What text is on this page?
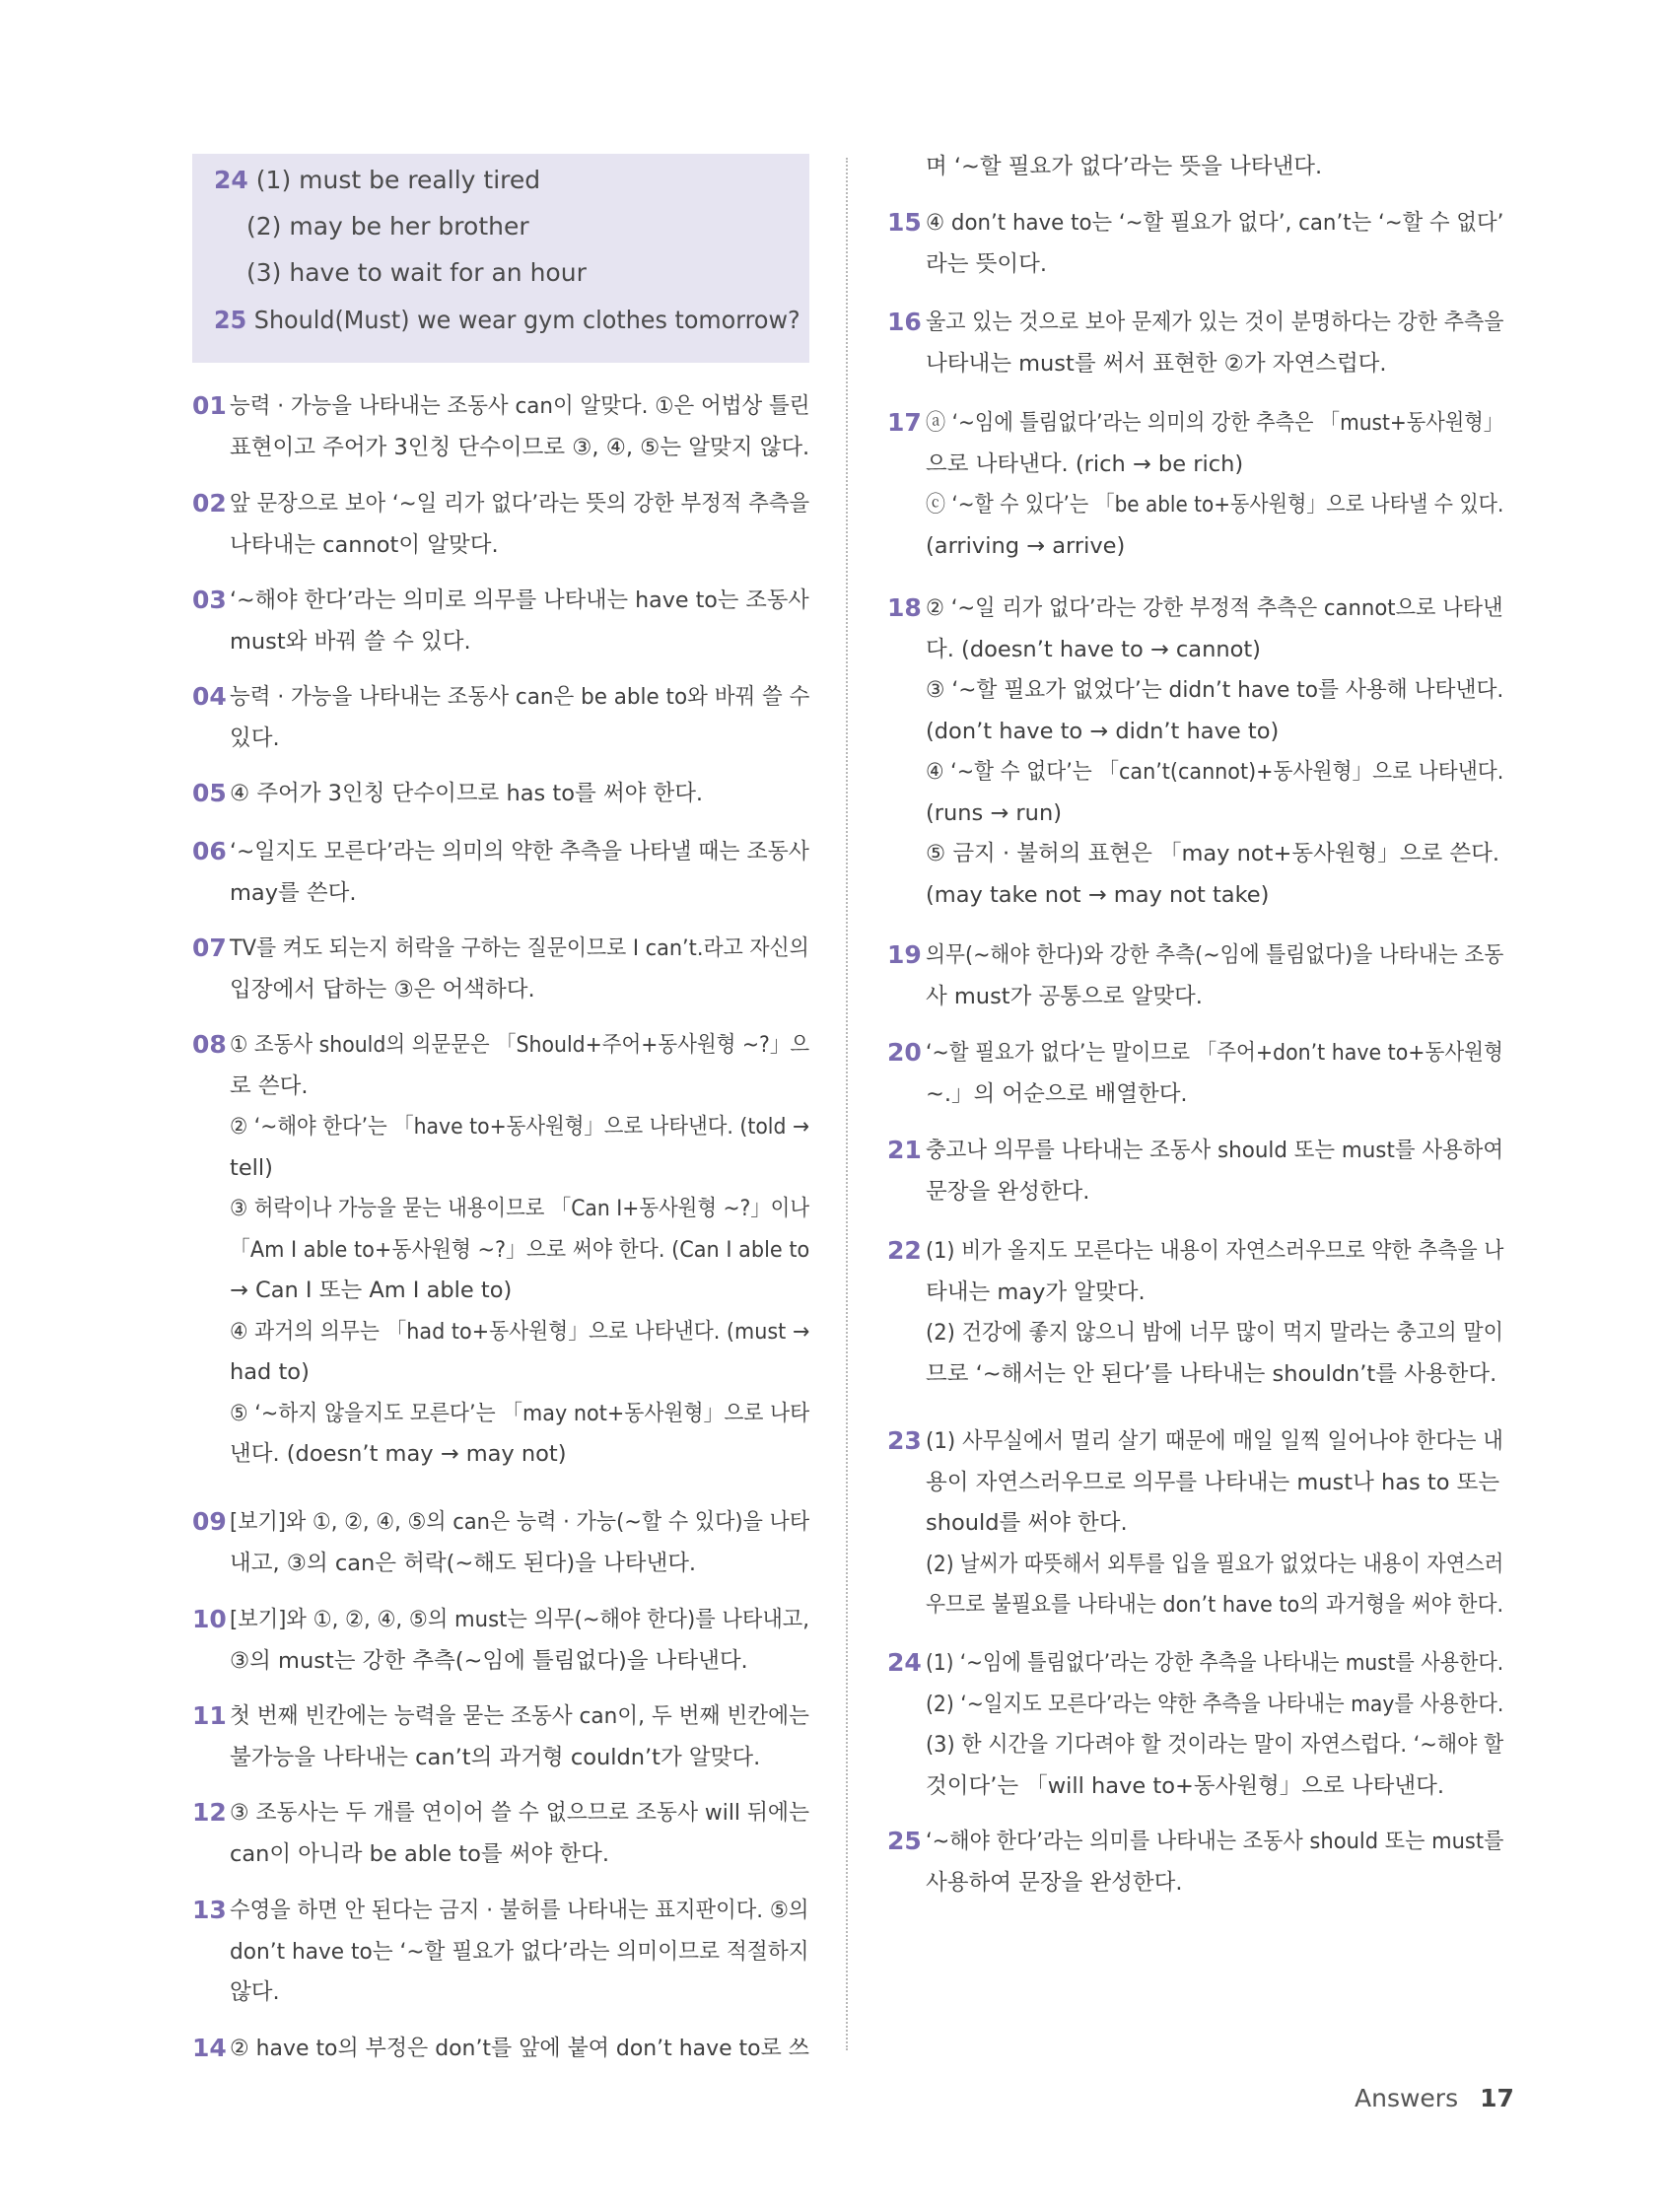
24 (1) must be really tired
(2) may be her brother
(3) have to wait for an hour
25 Should(Must) we wear gym clothes tomorrow?
01 능력 · 가능을 나타내는 조동사 can이 알맞다. ①은 어법상 틀린
표현이고 주어가 3인칭 단수이므로 ③, ④, ⑤는 알맞지 않다.
02 앞 문장으로 보아 ‘~일 리가 없다’라는 뜻의 강한 부정적 추측을
나타내는 cannot이 알맞다.
03 ‘~해야 한다’라는 의미로 의무를 나타내는 have to는 조동사
must와 바꿔 쓸 수 있다.
04 능력 · 가능을 나타내는 조동사 can은 be able to와 바꿔 쓸 수
있다.
05 ④ 주어가 3인칭 단수이므로 has to를 써야 한다.
06 ‘~일지도 모른다’라는 의미의 약한 추측을 나타낼 때는 조동사
may를 쓴다.
07 TV를 켜도 되는지 허락을 구하는 질문이므로 I can’t.라고 자신의
입장에서 답하는 ③은 어색하다.
08 ① 조동사 should의 의문문은 「Should+주어+동사원형 ~?」으
로 쓴다.
② ‘~해야 한다’는 「have to+동사원형」으로 나타낸다. (told →
tell)
③ 허락이나 가능을 묻는 내용이므로 「Can I+동사원형 ~?」이나
「Am I able to+동사원형 ~?」으로 써야 한다. (Can I able to
→ Can I 또는 Am I able to)
④ 과거의 의무는 「had to+동사원형」으로 나타낸다. (must →
had to)
⑤ ‘~하지 않을지도 모른다’는 「may not+동사원형」으로 나타
낸다. (doesn’t may → may not)
09 [보기]와 ①, ②, ④, ⑤의 can은 능력 · 가능(~할 수 있다)을 나타
내고, ③의 can은 허락(~해도 된다)을 나타낸다.
10 [보기]와 ①, ②, ④, ⑤의 must는 의무(~해야 한다)를 나타내고,
③의 must는 강한 추측(~임에 틀림없다)을 나타낸다.
11 첫 번째 빈칸에는 능력을 묻는 조동사 can이, 두 번째 빈칸에는
불가능을 나타내는 can’t의 과거형 couldn’t가 알맞다.
12 ③ 조동사는 두 개를 연이어 쓸 수 없으므로 조동사 will 뒤에는
can이 아니라 be able to를 써야 한다.
13 수영을 하면 안 된다는 금지 · 불허를 나타내는 표지판이다. ⑤의
don’t have to는 ‘~할 필요가 없다’라는 의미이므로 적절하지
않다.
14 ② have to의 부정은 don’t를 앞에 붙여 don’t have to로 쓰
며 ‘~할 필요가 없다’라는 뜻을 나타낸다.
15 ④ don’t have to는 ‘~할 필요가 없다’, can’t는 ‘~할 수 없다’
라는 뜻이다.
16 울고 있는 것으로 보아 문제가 있는 것이 분명하다는 강한 추측을
나타내는 must를 써서 표현한 ②가 자연스럽다.
17 ⓐ ‘~임에 틀림없다’라는 의미의 강한 추측은 「must+동사원형」
으로 나타낸다. (rich → be rich)
ⓒ ‘~할 수 있다’는 「be able to+동사원형」으로 나타낼 수 있다.
(arriving → arrive)
18 ② ‘~일 리가 없다’라는 강한 부정적 추측은 cannot으로 나타낸
다. (doesn’t have to → cannot)
③ ‘~할 필요가 없었다’는 didn’t have to를 사용해 나타낸다.
(don’t have to → didn’t have to)
④ ‘~할 수 없다’는 「can’t(cannot)+동사원형」으로 나타낸다.
(runs → run)
⑤ 금지 · 불허의 표현은 「may not+동사원형」으로 쓴다.
(may take not → may not take)
19 의무(~해야 한다)와 강한 추측(~임에 틀림없다)을 나타내는 조동
사 must가 공통으로 알맞다.
20 ‘~할 필요가 없다’는 말이므로 「주어+don’t have to+동사원형
~.」의 어순으로 배열한다.
21 충고나 의무를 나타내는 조동사 should 또는 must를 사용하여
문장을 완성한다.
22 (1) 비가 올지도 모른다는 내용이 자연스러우므로 약한 추측을 나
타내는 may가 알맞다.
(2) 건강에 좋지 않으니 밤에 너무 많이 먹지 말라는 충고의 말이
므로 ‘~해서는 안 된다’를 나타내는 shouldn’t를 사용한다.
23 (1) 사무실에서 멀리 살기 때문에 매일 일찍 일어나야 한다는 내
용이 자연스러우므로 의무를 나타내는 must나 has to 또는
should를 써야 한다.
(2) 날씨가 따뜻해서 외투를 입을 필요가 없었다는 내용이 자연스러
우므로 불필요를 나타내는 don’t have to의 과거형을 써야 한다.
24 (1) ‘~임에 틀림없다’라는 강한 추측을 나타내는 must를 사용한다.
(2) ‘~일지도 모른다’라는 약한 추측을 나타내는 may를 사용한다.
(3) 한 시간을 기다려야 할 것이라는 말이 자연스럽다. ‘~해야 할
것이다’는 「will have to+동사원형」으로 나타낸다.
25 ‘~해야 한다’라는 의미를 나타내는 조동사 should 또는 must를
사용하여 문장을 완성한다.
Answers 17
